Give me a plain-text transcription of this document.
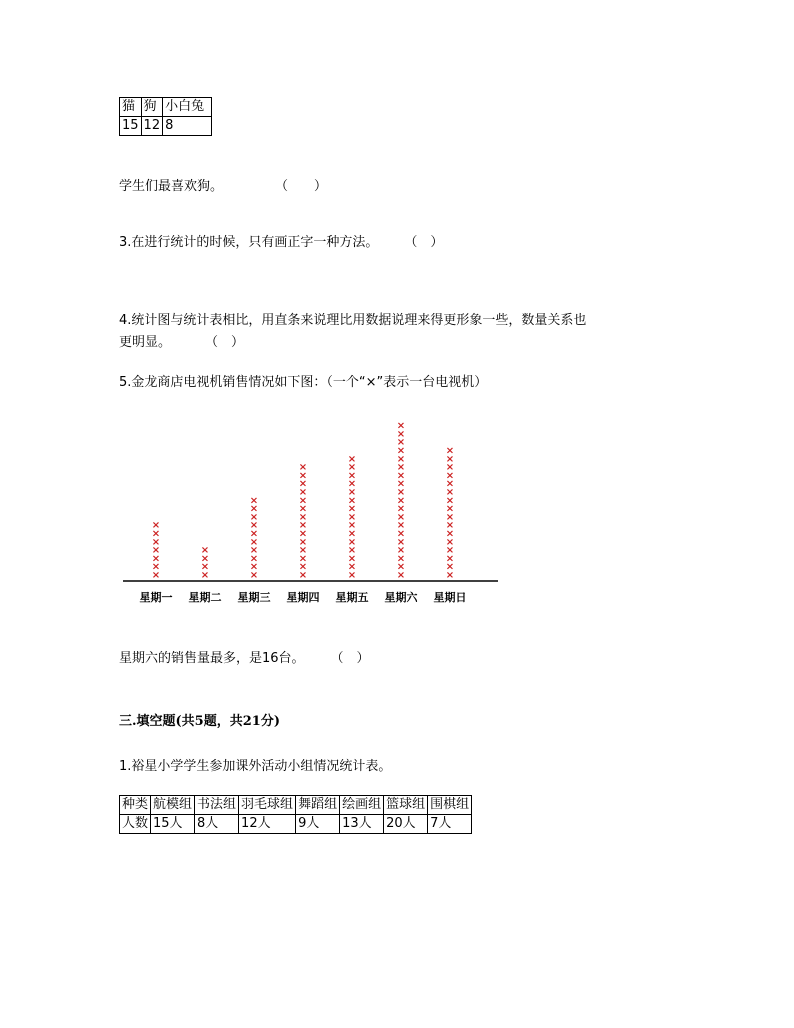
猫	狗	小白兔
15	12	8
学生们最喜欢狗。	（　　）
3.在进行统计的时候，只有画正字一种方法。 （　）
4.统计图与统计表相比，用直条来说理比用数据说理来得更形象一些，数量关系也
更明显。	（　）
5.金龙商店电视机销售情况如下图：（一个“×”表示一台电视机）
×
×
×
×
×
×
×
星期一
×
×
×
×
星期二
×
×
×
×
×
×
×
×
×
×
星期三
×
×
×
×
×
×
×
×
×
×
×
×
×
×
星期四
×
×
×
×
×
×
×
×
×
×
×
×
×
×
×
星期五
×
×
×
×
×
×
×
×
×
×
×
×
×
×
×
×
×
×
×
星期六
×
×
×
×
×
×
×
×
×
×
×
×
×
×
×
×
星期日
星期六的销售量最多，是16台。 （　）
三.填空题(共5题，共21分)
1.裕星小学学生参加课外活动小组情况统计表。
种类	航模组	书法组	羽毛球组	舞蹈组	绘画组	篮球组	围棋组
人数	15人	8人	12人	9人	13人	20人	7人
